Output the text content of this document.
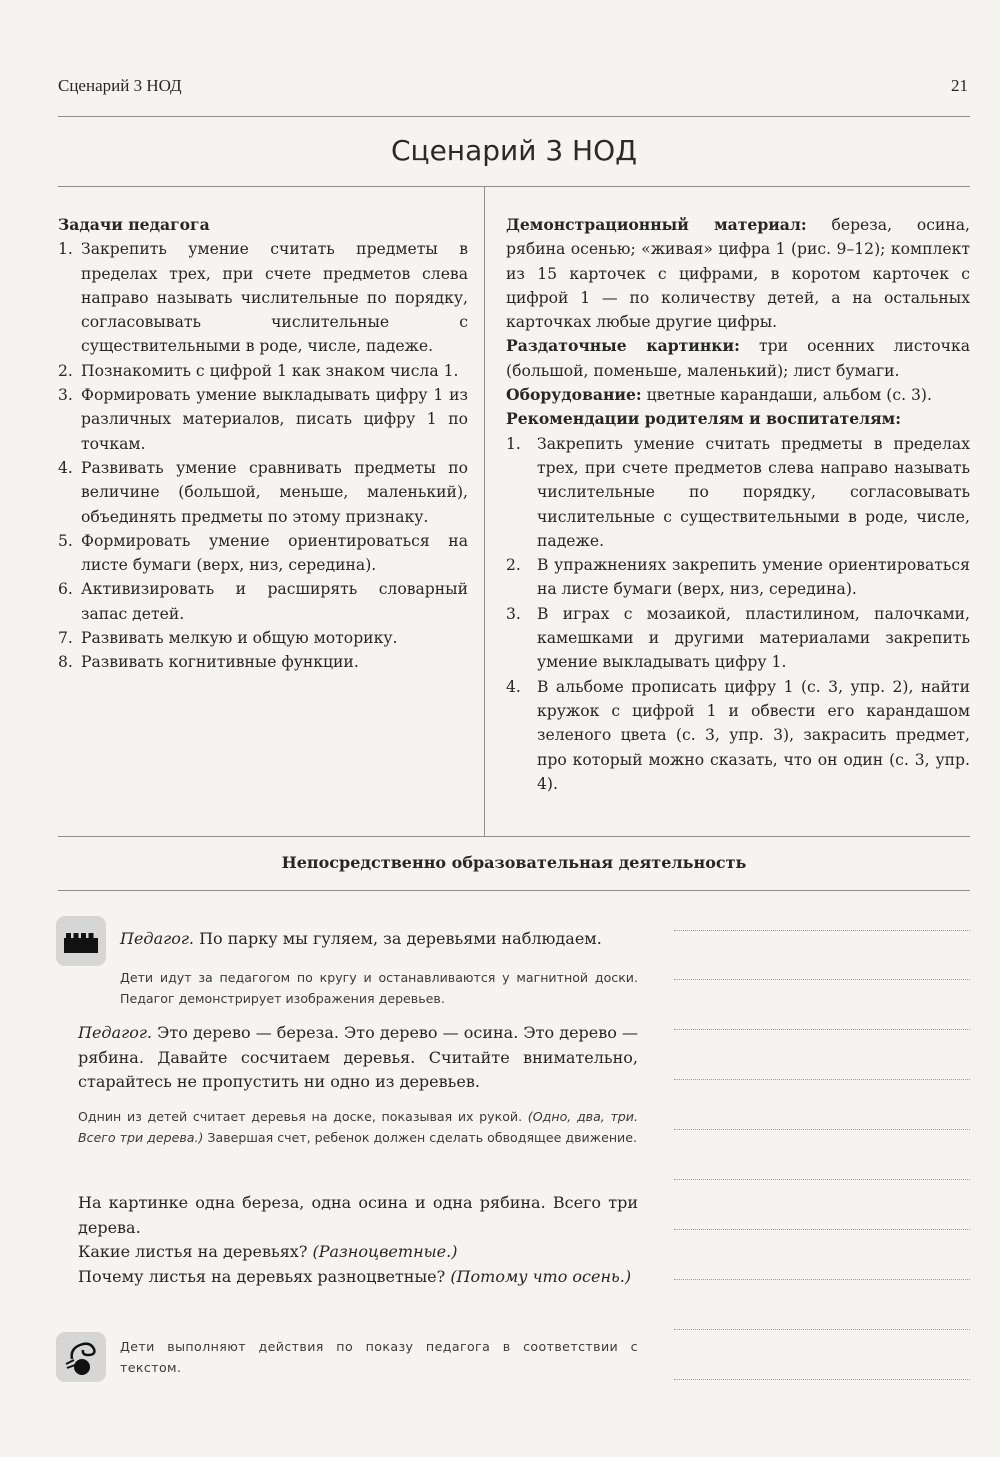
Сценарий 3 НОД	21
Сценарий 3 НОД
Задачи педагога
1. Закрепить умение считать предметы в пределах трех, при счете предметов слева направо называть числительные по порядку, согласовывать числительные с существительными в роде, числе, падеже.
2. Познакомить с цифрой 1 как знаком числа 1.
3. Формировать умение выкладывать цифру 1 из различных материалов, писать цифру 1 по точкам.
4. Развивать умение сравнивать предметы по величине (большой, меньше, маленький), объединять предметы по этому признаку.
5. Формировать умение ориентироваться на листе бумаги (верх, низ, середина).
6. Активизировать и расширять словарный запас детей.
7. Развивать мелкую и общую моторику.
8. Развивать когнитивные функции.

Демонстрационный материал: береза, осина, рябина осенью; «живая» цифра 1 (рис. 9–12); комплект из 15 карточек с цифрами, в коротом карточек с цифрой 1 — по количеству детей, а на остальных карточках любые другие цифры.

Раздаточные картинки: три осенних листочка (большой, поменьше, маленький); лист бумаги.

Оборудование: цветные карандаши, альбом (с. 3).

Рекомендации родителям и воспитателям:

1. Закрепить умение считать предметы в пределах трех, при счете предметов слева направо называть числительные по порядку, согласовывать числительные с существительными в роде, числе, падеже.
2. В упражнениях закрепить умение ориентироваться на листе бумаги (верх, низ, середина).
3. В играх с мозаикой, пластилином, палочками, камешками и другими материалами закрепить умение выкладывать цифру 1.
4. В альбоме прописать цифру 1 (с. 3, упр. 2), найти кружок с цифрой 1 и обвести его карандашом зеленого цвета (с. 3, упр. 3), закрасить предмет, про который можно сказать, что он один (с. 3, упр. 4).
Непосредственно образовательная деятельность
Педагог. По парку мы гуляем, за деревьями наблюдаем.
Дети идут за педагогом по кругу и останавливаются у магнитной доски. Педагог демонстрирует изображения деревьев.
Педагог. Это дерево — береза. Это дерево — осина. Это дерево — рябина. Давайте сосчитаем деревья. Считайте внимательно, старайтесь не пропустить ни одно из деревьев.
Однин из детей считает деревья на доске, показывая их рукой. (Одно, два, три. Всего три дерева.) Завершая счет, ребенок должен сделать обводящее движение.
На картинке одна береза, одна осина и одна рябина. Всего три дерева.
Какие листья на деревьях? (Разноцветные.)
Почему листья на деревьях разноцветные? (Потому что осень.)
Дети выполняют действия по показу педагога в соответствии с текстом.
